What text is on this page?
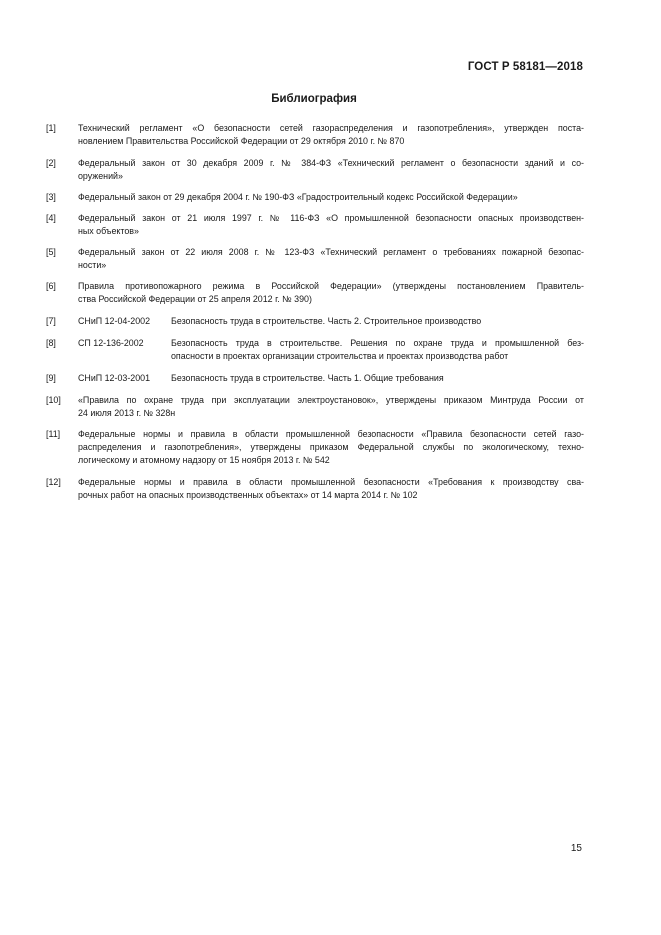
ГОСТ Р 58181—2018
Библиография
[1]	Технический регламент «О безопасности сетей газораспределения и газопотребления», утвержден поста-
новлением Правительства Российской Федерации от 29 октября 2010 г. № 870
[2]	Федеральный закон от 30 декабря 2009 г. № 384-ФЗ «Технический регламент о безопасности зданий и со-
оружений»
[3]	Федеральный закон от 29 декабря 2004 г. № 190-ФЗ «Градостроительный кодекс Российской Федерации»
[4]	Федеральный закон от 21 июля 1997 г. № 116-ФЗ «О промышленной безопасности опасных производствен-
ных объектов»
[5]	Федеральный закон от 22 июля 2008 г. № 123-ФЗ «Технический регламент о требованиях пожарной безопас-
ности»
[6]	Правила противопожарного режима в Российской Федерации» (утверждены постановлением Правитель-
ства Российской Федерации от 25 апреля 2012 г. № 390)
[7]	СНиП 12-04-2002	Безопасность труда в строительстве. Часть 2. Строительное производство
[8]	СП 12-136-2002	Безопасность труда в строительстве. Решения по охране труда и промышленной без-
опасности в проектах организации строительства и проектах производства работ
[9]	СНиП 12-03-2001	Безопасность труда в строительстве. Часть 1. Общие требования
[10]	«Правила по охране труда при эксплуатации электроустановок», утверждены приказом Минтруда России от
24 июля 2013 г. № 328н
[11]	Федеральные нормы и правила в области промышленной безопасности «Правила безопасности сетей газо-
распределения и газопотребления», утверждены приказом Федеральной службы по экологическому, техно-
логическому и атомному надзору от 15 ноября 2013 г. № 542
[12]	Федеральные нормы и правила в области промышленной безопасности «Требования к производству сва-
рочных работ на опасных производственных объектах» от 14 марта 2014 г. № 102
15
